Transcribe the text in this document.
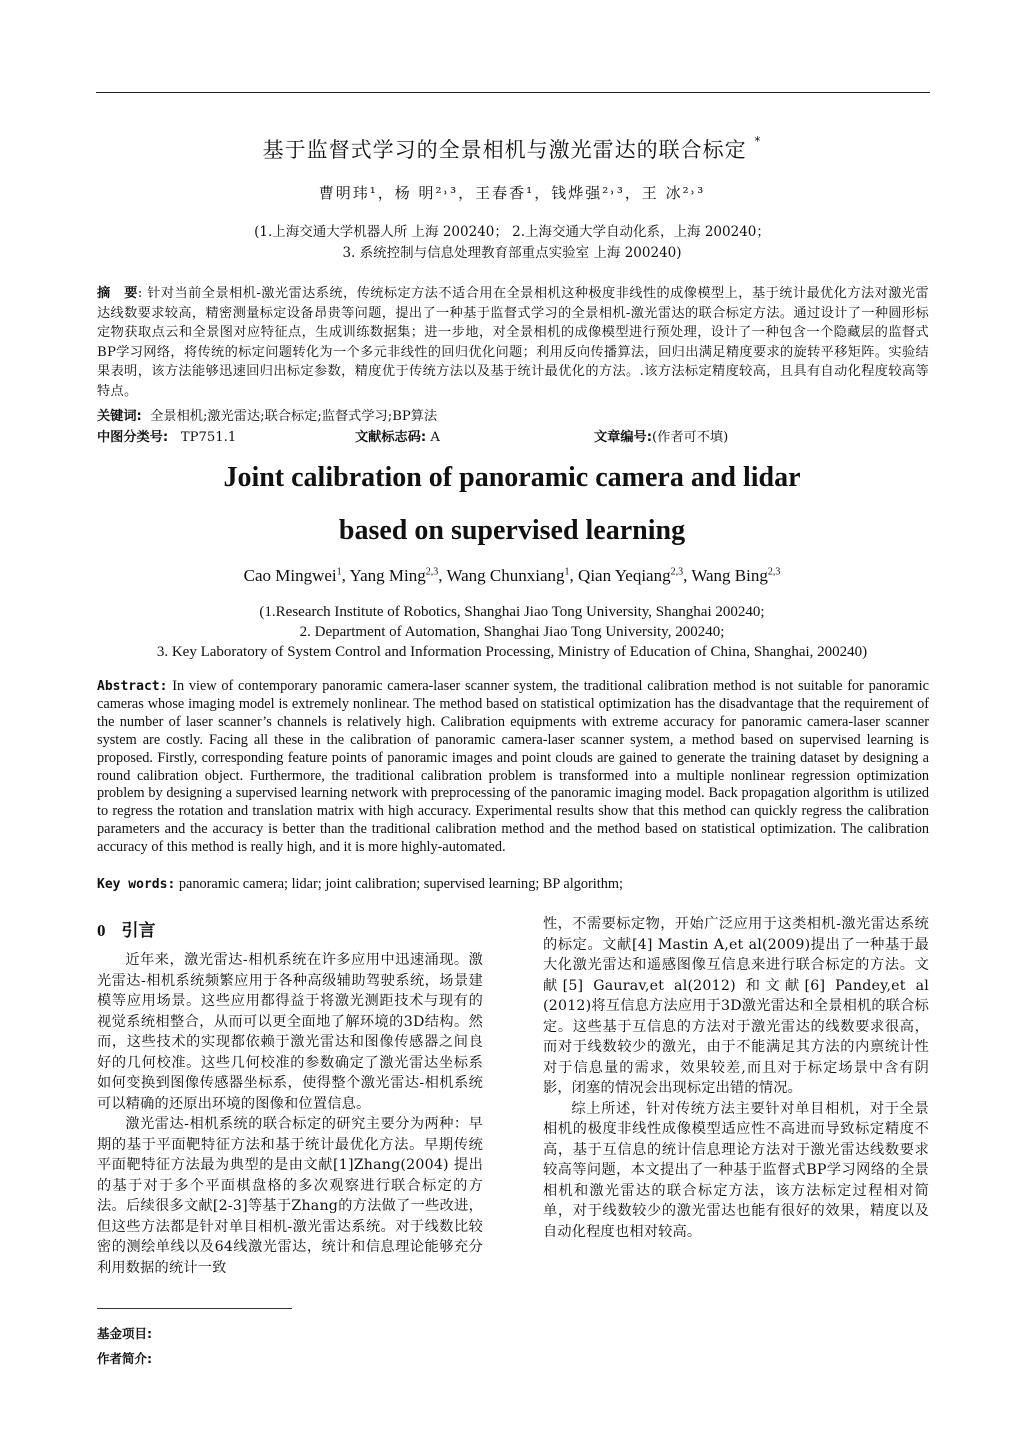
基于监督式学习的全景相机与激光雷达的联合标定 *
曹明玮¹，杨 明²˒³，王春香¹，钱烨强²˒³，王 冰²˒³
(1.上海交通大学机器人所 上海 200240； 2.上海交通大学自动化系，上海 200240；
3. 系统控制与信息处理教育部重点实验室 上海 200240)
摘　要: 针对当前全景相机-激光雷达系统，传统标定方法不适合用在全景相机这种极度非线性的成像模型上，基于统计最优化方法对激光雷达线数要求较高，精密测量标定设备昂贵等问题，提出了一种基于监督式学习的全景相机-激光雷达的联合标定方法。通过设计了一种圆形标定物获取点云和全景图对应特征点，生成训练数据集；进一步地，对全景相机的成像模型进行预处理，设计了一种包含一个隐藏层的监督式BP学习网络，将传统的标定问题转化为一个多元非线性的回归优化问题；利用反向传播算法，回归出满足精度要求的旋转平移矩阵。实验结果表明，该方法能够迅速回归出标定参数，精度优于传统方法以及基于统计最优化的方法。.该方法标定精度较高，且具有自动化程度较高等特点。
关键词: 全景相机;激光雷达;联合标定;监督式学习;BP算法
中图分类号: TP751.1	文献标志码: A	文章编号:(作者可不填)
Joint calibration of panoramic camera and lidar
based on supervised learning
Cao Mingwei$^1$, Yang Ming$^{2,3}$, Wang Chunxiang$^1$, Qian Yeqiang$^{2,3}$, Wang Bing$^{2,3}$
(1.Research Institute of Robotics, Shanghai Jiao Tong University, Shanghai 200240;
2. Department of Automation, Shanghai Jiao Tong University, 200240;
3. Key Laboratory of System Control and Information Processing, Ministry of Education of China, Shanghai, 200240)
Abstract: In view of contemporary panoramic camera-laser scanner system, the traditional calibration method is not suitable for panoramic cameras whose imaging model is extremely nonlinear. The method based on statistical optimization has the disadvantage that the requirement of the number of laser scanner’s channels is relatively high. Calibration equipments with extreme accuracy for panoramic camera-laser scanner system are costly. Facing all these in the calibration of panoramic camera-laser scanner system, a method based on supervised learning is proposed. Firstly, corresponding feature points of panoramic images and point clouds are gained to generate the training dataset by designing a round calibration object. Furthermore, the traditional calibration problem is transformed into a multiple nonlinear regression optimization problem by designing a supervised learning network with preprocessing of the panoramic imaging model. Back propagation algorithm is utilized to regress the rotation and translation matrix with high accuracy. Experimental results show that this method can quickly regress the calibration parameters and the accuracy is better than the traditional calibration method and the method based on statistical optimization. The calibration accuracy of this method is really high, and it is more highly-automated.
Key words: panoramic camera; lidar; joint calibration; supervised learning; BP algorithm;
0 引言

近年来，激光雷达-相机系统在许多应用中迅速涌现。激光雷达-相机系统频繁应用于各种高级辅助驾驶系统，场景建模等应用场景。这些应用都得益于将激光测距技术与现有的视觉系统相整合，从而可以更全面地了解环境的3D结构。然而，这些技术的实现都依赖于激光雷达和图像传感器之间良好的几何校准。这些几何校准的参数确定了激光雷达坐标系如何变换到图像传感器坐标系，使得整个激光雷达-相机系统可以精确的还原出环境的图像和位置信息。

激光雷达-相机系统的联合标定的研究主要分为两种：早期的基于平面靶特征方法和基于统计最优化方法。早期传统平面靶特征方法最为典型的是由文献[1]Zhang(2004) 提出的基于对于多个平面棋盘格的多次观察进行联合标定的方法。后续很多文献[2-3]等基于Zhang的方法做了一些改进，但这些方法都是针对单目相机-激光雷达系统。对于线数比较密的测绘单线以及64线激光雷达，统计和信息理论能够充分利用数据的统计一致

性，不需要标定物，开始广泛应用于这类相机-激光雷达系统的标定。文献[4] Mastin A,et al(2009)提出了一种基于最大化激光雷达和遥感图像互信息来进行联合标定的方法。文献[5] Gaurav,et al(2012) 和文献[6] Pandey,et al (2012)将互信息方法应用于3D激光雷达和全景相机的联合标定。这些基于互信息的方法对于激光雷达的线数要求很高，而对于线数较少的激光，由于不能满足其方法的内禀统计性对于信息量的需求，效果较差,而且对于标定场景中含有阴影，闭塞的情况会出现标定出错的情况。

综上所述，针对传统方法主要针对单目相机，对于全景相机的极度非线性成像模型适应性不高进而导致标定精度不高，基于互信息的统计信息理论方法对于激光雷达线数要求较高等问题，本文提出了一种基于监督式BP学习网络的全景相机和激光雷达的联合标定方法，该方法标定过程相对简单，对于线数较少的激光雷达也能有很好的效果，精度以及自动化程度也相对较高。

基金项目:
作者简介:
